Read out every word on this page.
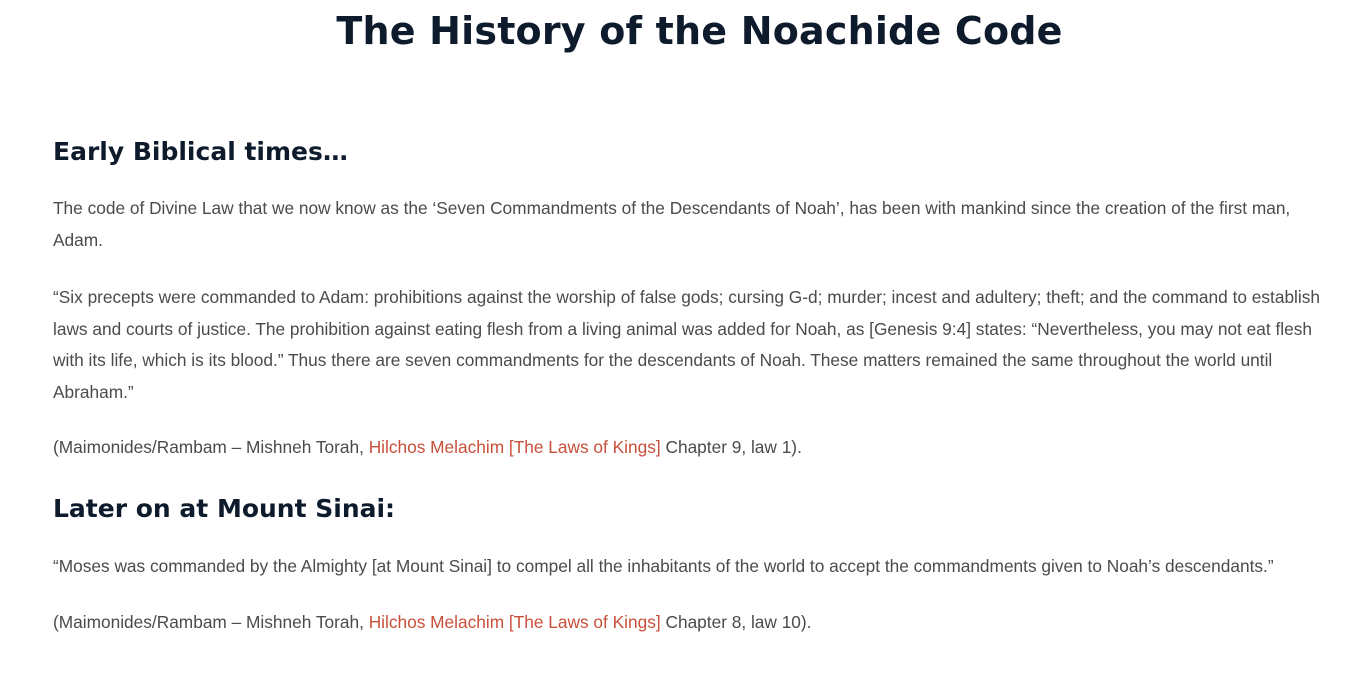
The History of the Noachide Code
Early Biblical times…

The code of Divine Law that we now know as the ‘Seven Commandments of the Descendants of Noah’, has been with mankind since the creation of the first man, Adam.

“Six precepts were commanded to Adam: prohibitions against the worship of false gods; cursing G-d; murder; incest and adultery; theft; and the command to establish laws and courts of justice. The prohibition against eating flesh from a living animal was added for Noah, as [Genesis 9:4] states: “Nevertheless, you may not eat flesh with its life, which is its blood.” Thus there are seven commandments for the descendants of Noah. These matters remained the same throughout the world until Abraham.”

(Maimonides/Rambam – Mishneh Torah, Hilchos Melachim [The Laws of Kings] Chapter 9, law 1).

Later on at Mount Sinai:

“Moses was commanded by the Almighty [at Mount Sinai] to compel all the inhabitants of the world to accept the commandments given to Noah’s descendants.”

(Maimonides/Rambam – Mishneh Torah, Hilchos Melachim [The Laws of Kings] Chapter 8, law 10).
